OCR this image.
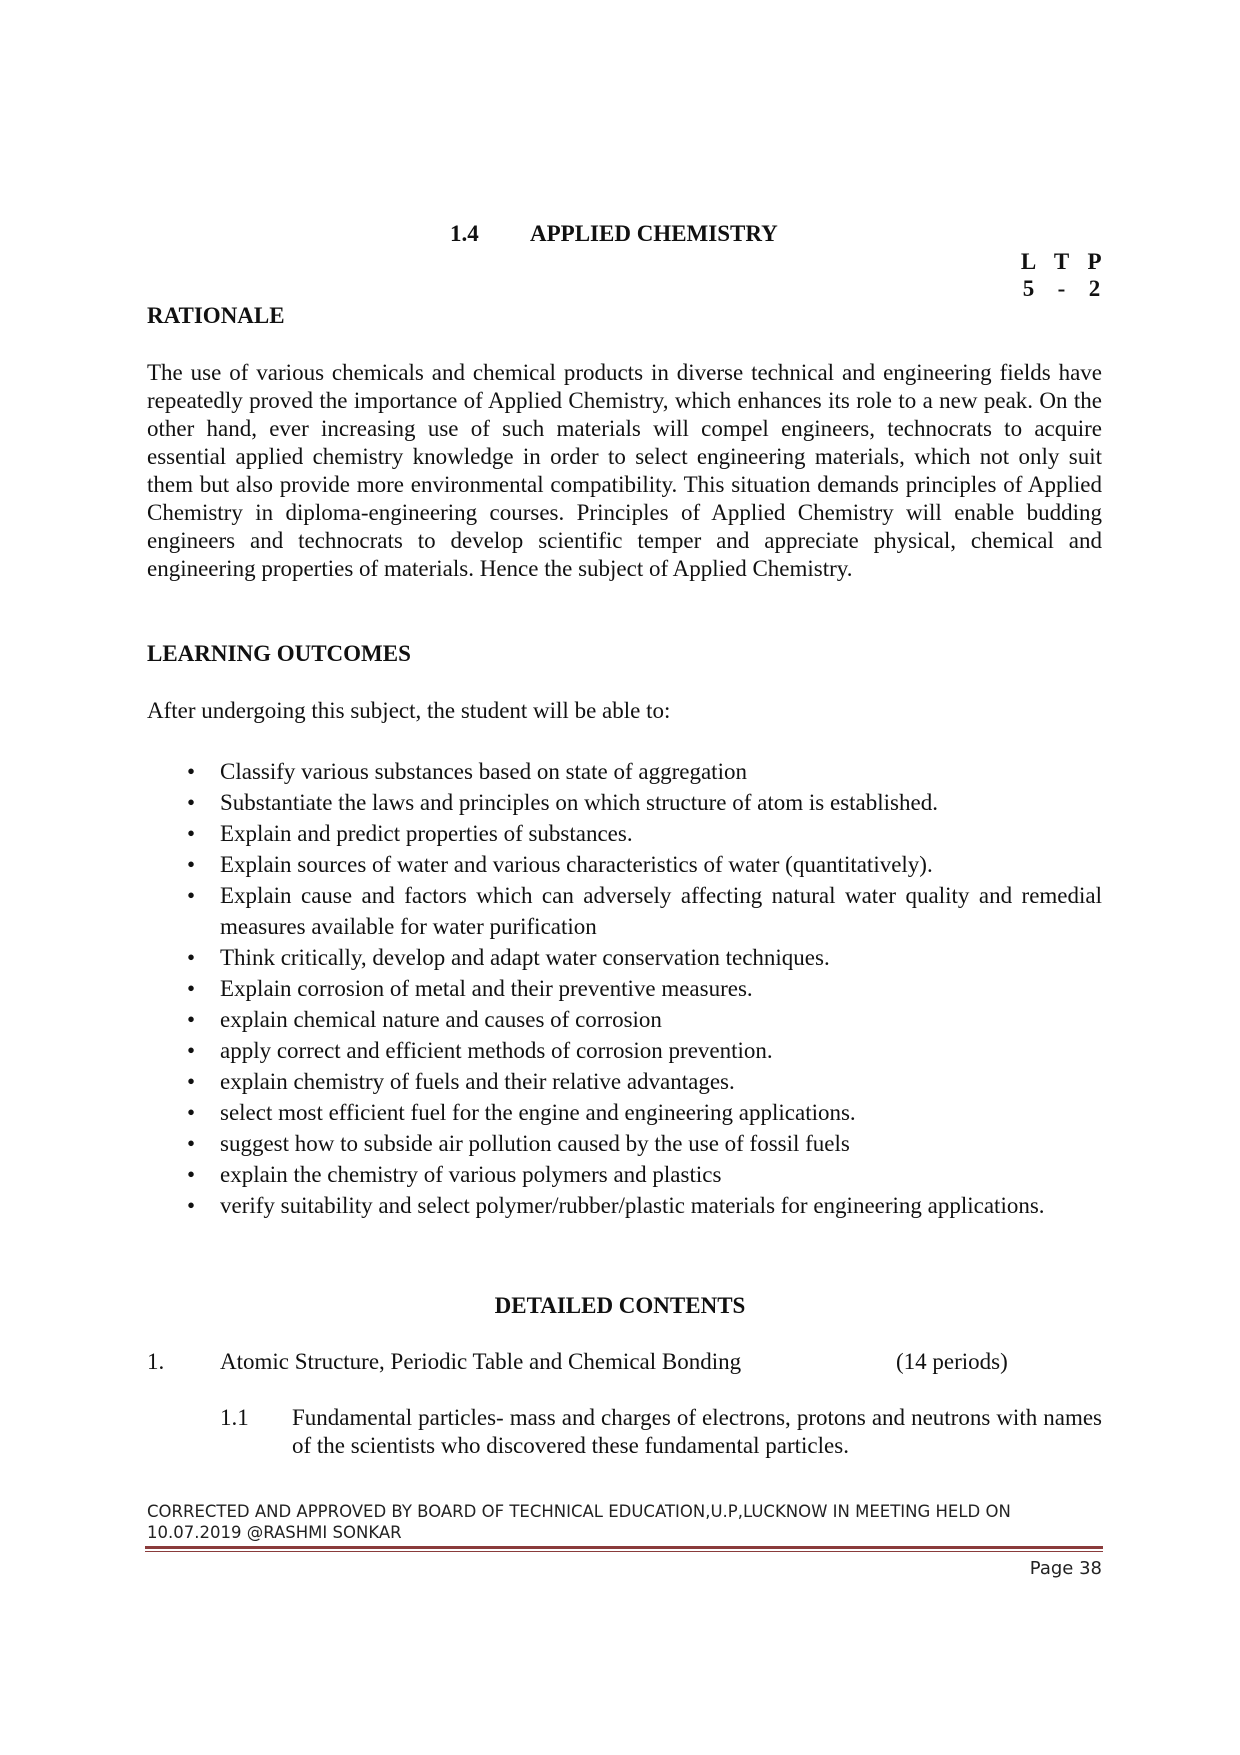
1.4 APPLIED CHEMISTRY
L T P
5	-	2
RATIONALE
The use of various chemicals and chemical products in diverse technical and engineering fields have repeatedly proved the importance of Applied Chemistry, which enhances its role to a new peak. On the other hand, ever increasing use of such materials will compel engineers, technocrats to acquire essential applied chemistry knowledge in order to select engineering materials, which not only suit them but also provide more environmental compatibility. This situation demands principles of Applied Chemistry in diploma-engineering courses. Principles of Applied Chemistry will enable budding engineers and technocrats to develop scientific temper and appreciate physical, chemical and engineering properties of materials. Hence the subject of Applied Chemistry.
LEARNING OUTCOMES
After undergoing this subject, the student will be able to:
• Classify various substances based on state of aggregation
• Substantiate the laws and principles on which structure of atom is established.
• Explain and predict properties of substances.
• Explain sources of water and various characteristics of water (quantitatively).
• Explain cause and factors which can adversely affecting natural water quality and remedial measures available for water purification
• Think critically, develop and adapt water conservation techniques.
• Explain corrosion of metal and their preventive measures.
• explain chemical nature and causes of corrosion
• apply correct and efficient methods of corrosion prevention.
• explain chemistry of fuels and their relative advantages.
• select most efficient fuel for the engine and engineering applications.
• suggest how to subside air pollution caused by the use of fossil fuels
• explain the chemistry of various polymers and plastics
• verify suitability and select polymer/rubber/plastic materials for engineering applications.
DETAILED CONTENTS
1. Atomic Structure, Periodic Table and Chemical Bonding	(14 periods)
1.1 Fundamental particles- mass and charges of electrons, protons and neutrons with names of the scientists who discovered these fundamental particles.
CORRECTED AND APPROVED BY BOARD OF TECHNICAL EDUCATION,U.P,LUCKNOW IN MEETING HELD ON
10.07.2019 @RASHMI SONKAR
Page 38
